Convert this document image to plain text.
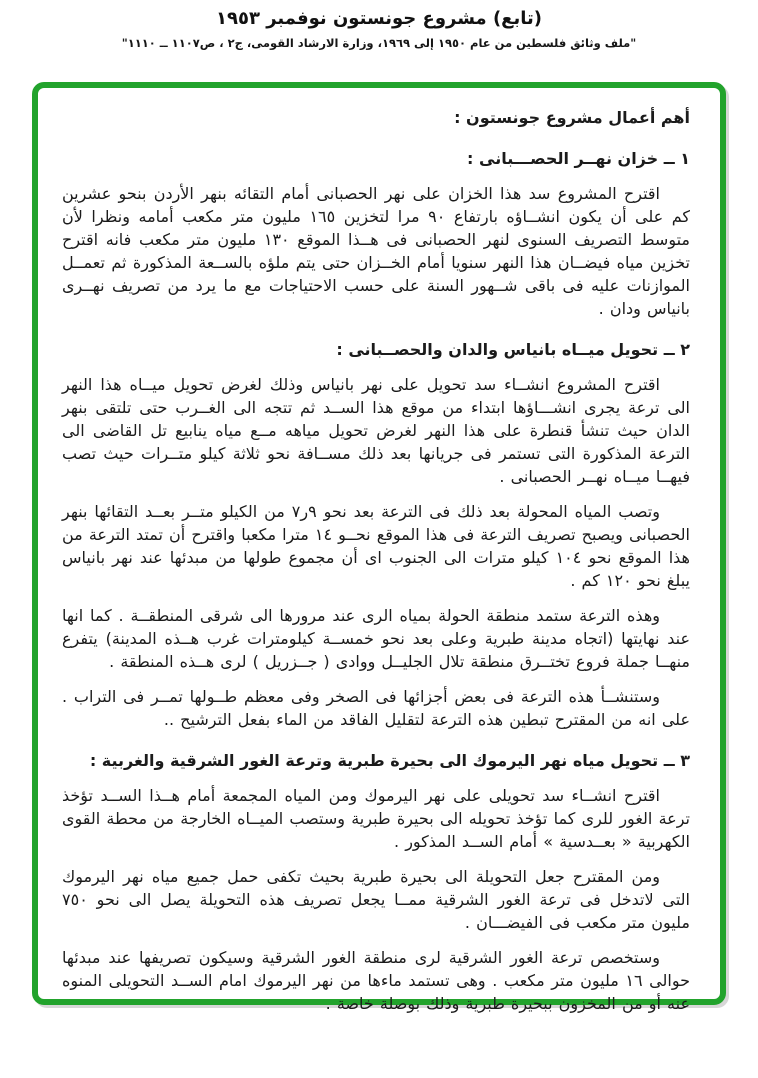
(تابع) مشروع جونستون نوفمبر ١٩٥٣
"ملف وثائق فلسطين من عام ١٩٥٠ إلى ١٩٦٩، وزارة الارشاد القومى، ج٢ ، ص١١٠٧ ــ ١١١٠"
أهم أعمال مشروع جونستون :
١ ــ خزان نهــر الحصـــبانى :

اقترح المشروع سد هذا الخزان على نهر الحصبانى أمام التقائه بنهر الأردن بنحو عشرين كم على أن يكون انشــاؤه بارتفاع ٩٠ مرا لتخزين ١٦٥ مليون متر مكعب أمامه ونظرا لأن متوسط التصريف السنوى لنهر الحصبانى فى هــذا الموقع ١٣٠ مليون متر مكعب فانه اقترح تخزين مياه فيضــان هذا النهر سنويا أمام الخــزان حتى يتم ملؤه بالســعة المذكورة ثم تعمــل الموازنات عليه فى باقى شــهور السنة على حسب الاحتياجات مع ما يرد من تصريف نهــرى بانياس ودان .

٢ ــ تحويل ميــاه بانياس والدان والحصــبانى :

اقترح المشروع انشــاء سد تحويل على نهر بانياس وذلك لغرض تحويل ميــاه هذا النهر الى ترعة يجرى انشـــاؤها ابتداء من موقع هذا الســد ثم تتجه الى الغــرب حتى تلتقى بنهر الدان حيث تنشأ قنطرة على هذا النهر لغرض تحويل مياهه مــع مياه ينابيع تل القاضى الى الترعة المذكورة التى تستمر فى جريانها بعد ذلك مســافة نحو ثلاثة كيلو متــرات حيث تصب فيهــا ميــاه نهــر الحصبانى .

وتصب المياه المحولة بعد ذلك فى الترعة بعد نحو ٩ر٧ من الكيلو متــر بعــد التقائها بنهر الحصبانى ويصبح تصريف الترعة فى هذا الموقع نحــو ١٤ مترا مكعبا واقترح أن تمتد الترعة من هذا الموقع نحو ١٠٤ كيلو مترات الى الجنوب اى أن مجموع طولها من مبدئها عند نهر بانياس يبلغ نحو ١٢٠ كم .

وهذه الترعة ستمد منطقة الحولة بمياه الرى عند مرورها الى شرقى المنطقــة . كما انها عند نهايتها (اتجاه مدينة طبرية وعلى بعد نحو خمســة كيلومترات غرب هــذه المدينة) يتفرع منهــا جملة فروع تختــرق منطقة تلال الجليــل ووادى ( جــزريل ) لرى هــذه المنطقة .

وستنشــأ هذه الترعة فى بعض أجزائها فى الصخر وفى معظم طــولها تمــر فى التراب . على انه من المقترح تبطين هذه الترعة لتقليل الفاقد من الماء بفعل الترشيح ..

٣ ــ تحويل مياه نهر اليرموك الى بحيرة طبرية وترعة الغور الشرقية والغربية :

اقترح انشــاء سد تحويلى على نهر اليرموك ومن المياه المجمعة أمام هــذا الســد تؤخذ ترعة الغور للرى كما تؤخذ تحويله الى بحيرة طبرية وستصب الميــاه الخارجة من محطة القوى الكهربية « بعــدسية » أمام الســد المذكور .

ومن المقترح جعل التحويلة الى بحيرة طبرية بحيث تكفى حمل جميع مياه نهر اليرموك التى لاتدخل فى ترعة الغور الشرقية ممــا يجعل تصريف هذه التحويلة يصل الى نحو ٧٥٠ مليون متر مكعب فى الفيضـــان .

وستخصص ترعة الغور الشرقية لرى منطقة الغور الشرقية وسيكون تصريفها عند مبدئها حوالى ١٦ مليون متر مكعب . وهى تستمد ماءها من نهر اليرموك امام الســد التحويلى المنوه عنه أو من المخزون ببحيرة طبرية وذلك بوصلة خاصة .
